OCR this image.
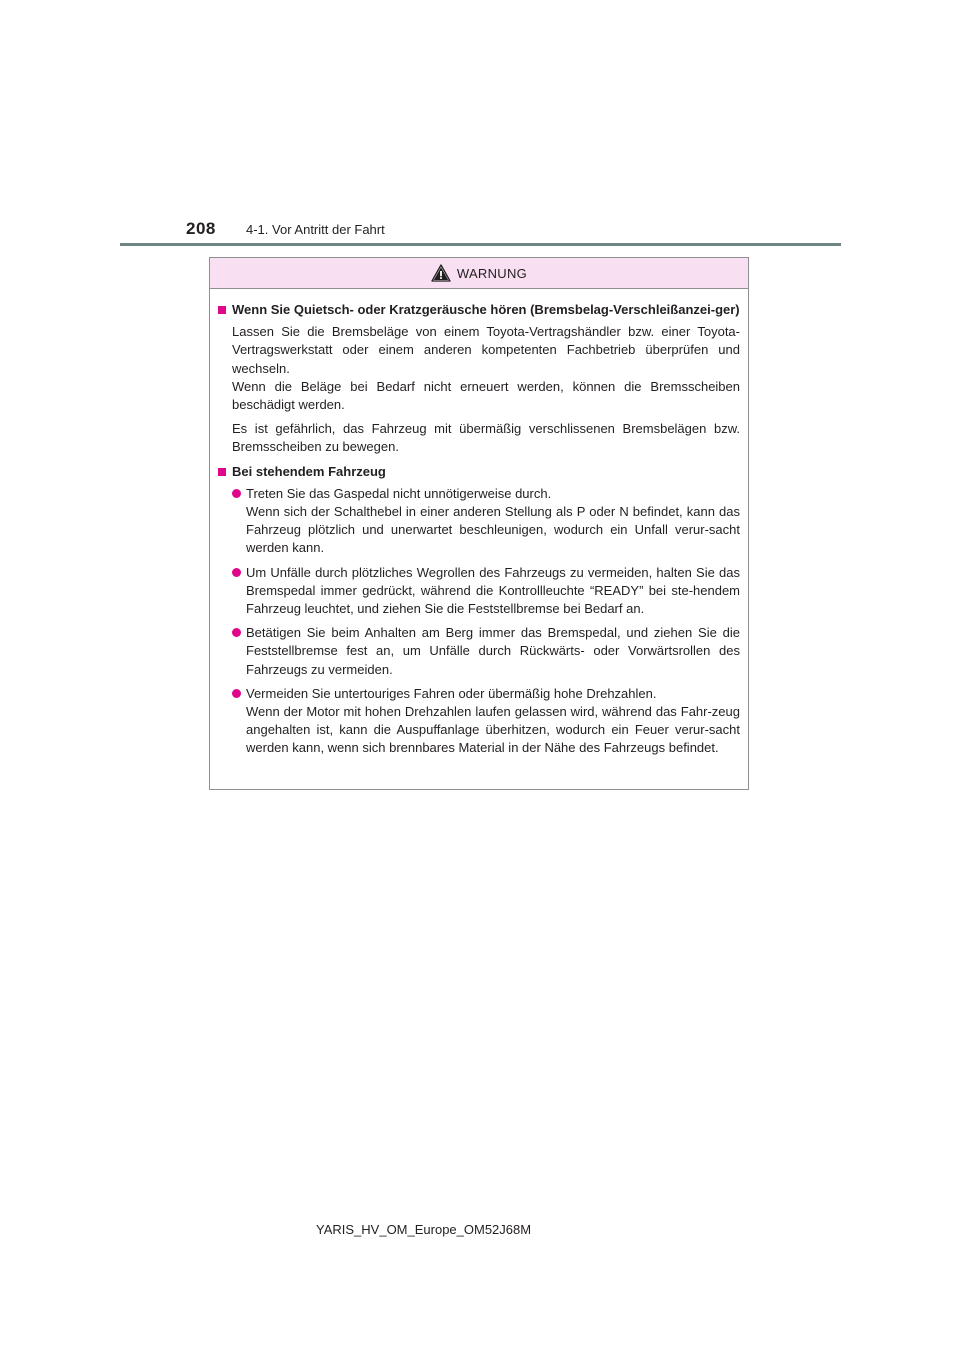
208 4-1. Vor Antritt der Fahrt
WARNUNG
Wenn Sie Quietsch- oder Kratzgeräusche hören (Bremsbelag-Verschleißanzei-ger)
Lassen Sie die Bremsbeläge von einem Toyota-Vertragshändler bzw. einer Toyota-Vertragswerkstatt oder einem anderen kompetenten Fachbetrieb überprüfen und wechseln.
Wenn die Beläge bei Bedarf nicht erneuert werden, können die Bremsscheiben beschädigt werden.
Es ist gefährlich, das Fahrzeug mit übermäßig verschlissenen Bremsbelägen bzw. Bremsscheiben zu bewegen.
Bei stehendem Fahrzeug
Treten Sie das Gaspedal nicht unnötigerweise durch.
Wenn sich der Schalthebel in einer anderen Stellung als P oder N befindet, kann das Fahrzeug plötzlich und unerwartet beschleunigen, wodurch ein Unfall verur-sacht werden kann.
Um Unfälle durch plötzliches Wegrollen des Fahrzeugs zu vermeiden, halten Sie das Bremspedal immer gedrückt, während die Kontrollleuchte “READY” bei ste-hendem Fahrzeug leuchtet, und ziehen Sie die Feststellbremse bei Bedarf an.
Betätigen Sie beim Anhalten am Berg immer das Bremspedal, und ziehen Sie die Feststellbremse fest an, um Unfälle durch Rückwärts- oder Vorwärtsrollen des Fahrzeugs zu vermeiden.
Vermeiden Sie untertouriges Fahren oder übermäßig hohe Drehzahlen.
Wenn der Motor mit hohen Drehzahlen laufen gelassen wird, während das Fahr-zeug angehalten ist, kann die Auspuffanlage überhitzen, wodurch ein Feuer verur-sacht werden kann, wenn sich brennbares Material in der Nähe des Fahrzeugs befindet.
YARIS_HV_OM_Europe_OM52J68M
